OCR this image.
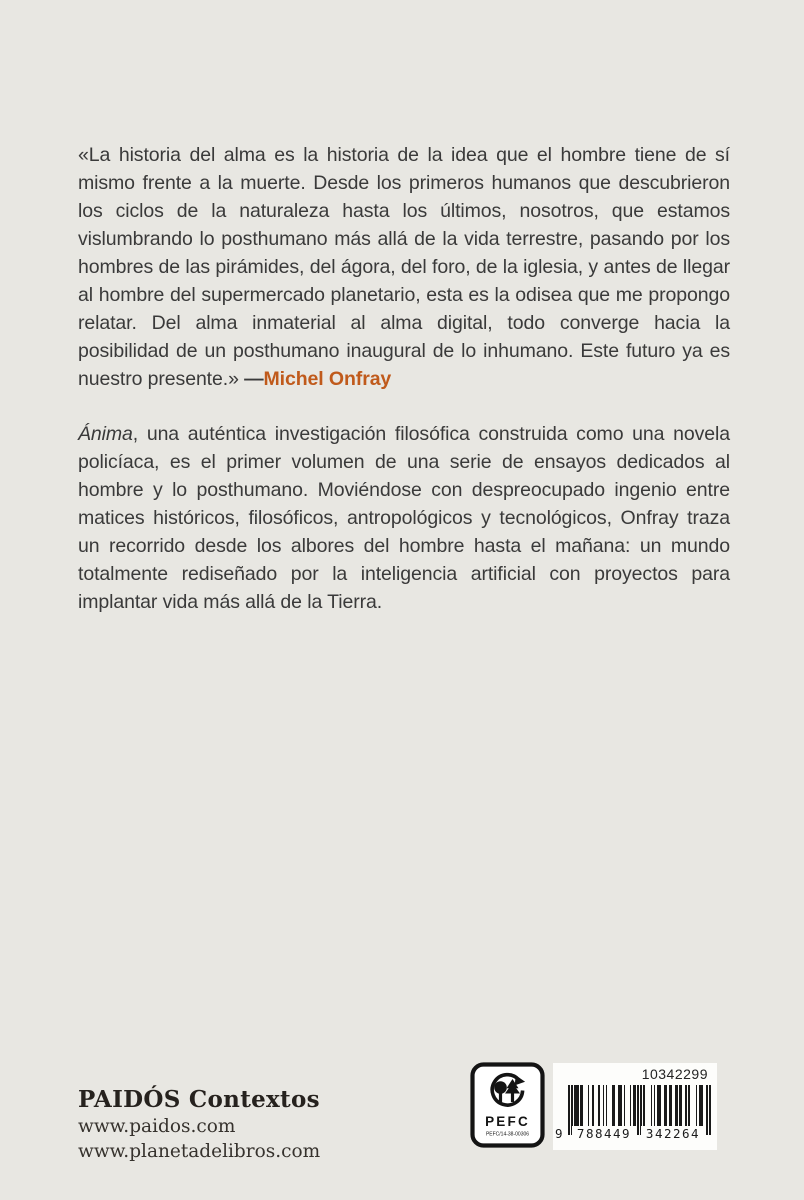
«La historia del alma es la historia de la idea que el hombre tiene de sí mismo frente a la muerte. Desde los primeros humanos que descubrieron los ciclos de la naturaleza hasta los últimos, nosotros, que estamos vislumbrando lo posthumano más allá de la vida terrestre, pasando por los hombres de las pirámides, del ágora, del foro, de la iglesia, y antes de llegar al hombre del supermercado planetario, esta es la odisea que me propongo relatar. Del alma inmaterial al alma digital, todo converge hacia la posibilidad de un posthumano inaugural de lo inhumano. Este futuro ya es nuestro presente.» —Michel Onfray

Ánima, una auténtica investigación filosófica construida como una novela policíaca, es el primer volumen de una serie de ensayos dedicados al hombre y lo posthumano. Moviéndose con despreocupado ingenio entre matices históricos, filosóficos, antropológicos y tecnológicos, Onfray traza un recorrido desde los albores del hombre hasta el mañana: un mundo totalmente rediseñado por la inteligencia artificial con proyectos para implantar vida más allá de la Tierra.

PAIDÓS Contextos
www.paidos.com
www.planetadelibros.com
PEFC
PEFC/14-38-00306
10342299
9	788449	342264
